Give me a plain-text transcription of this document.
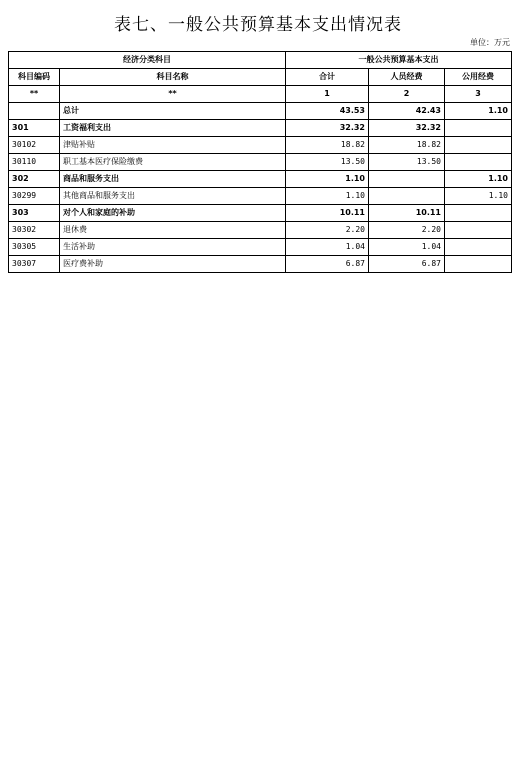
表七、一般公共预算基本支出情况表
单位：万元
经济分类科目		一般公共预算基本支出		
科目编码	科目名称	合计	人员经费	公用经费
**	**	1	2	3
	总计	43.53	42.43	1.10
301	工资福利支出	32.32	32.32	
30102	津贴补贴	18.82	18.82	
30110	职工基本医疗保险缴费	13.50	13.50	
302	商品和服务支出	1.10		1.10
30299	其他商品和服务支出	1.10		1.10
303	对个人和家庭的补助	10.11	10.11	
30302	退休费	2.20	2.20	
30305	生活补助	1.04	1.04	
30307	医疗费补助	6.87	6.87	
